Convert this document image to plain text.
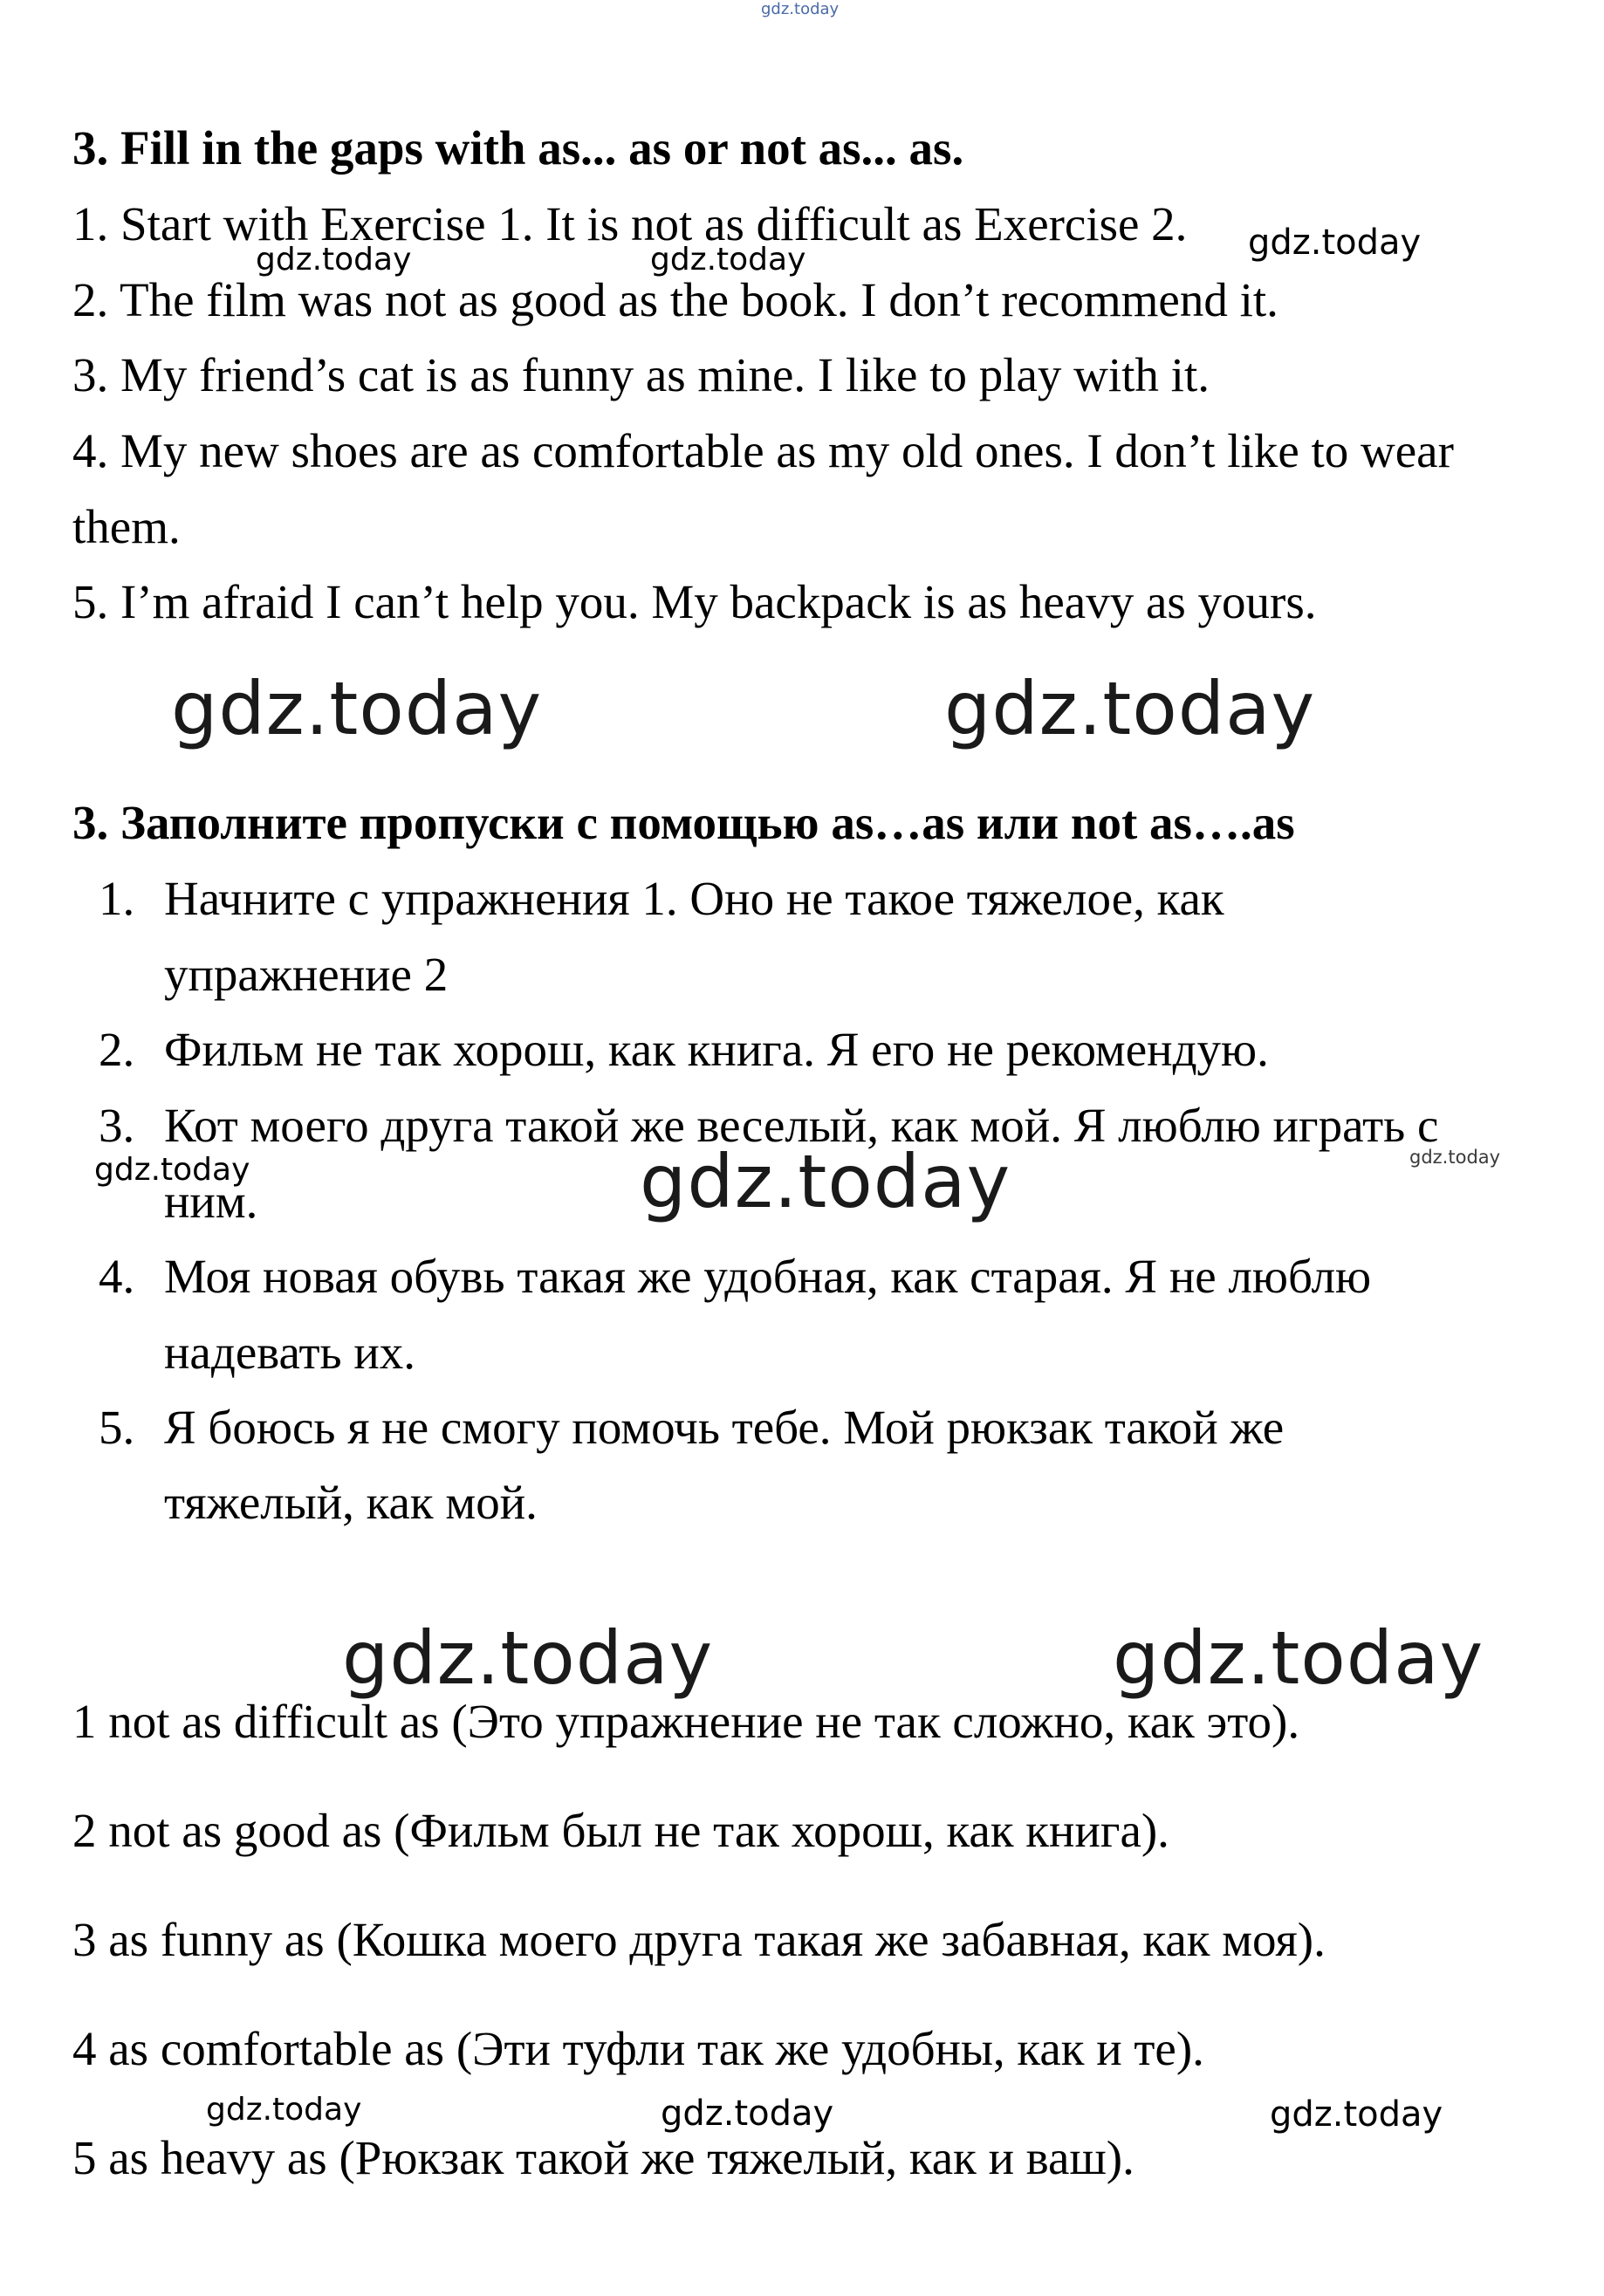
gdz.today
gdz.today
gdz.today	gdz.today
gdz.today	gdz.today
gdz.today	gdz.today
gdz.today
gdz.today	gdz.today
gdz.today	gdz.today	gdz.today
3. Fill in the gaps with as... as or not as... as.
1. Start with Exercise 1. It is not as difficult as Exercise 2.
2. The film was not as good as the book. I don’t recommend it.
3. My friend’s cat is as funny as mine. I like to play with it.
4. My new shoes are as comfortable as my old ones. I don’t like to wear
them.
5. I’m afraid I can’t help you. My backpack is as heavy as yours.
3. Заполните пропуски с помощью as…as или not as….as
1. Начните с упражнения 1. Оно не такое тяжелое, как
упражнение 2
2. Фильм не так хорош, как книга. Я его не рекомендую.
3. Кот моего друга такой же веселый, как мой. Я люблю играть с
ним.
4. Моя новая обувь такая же удобная, как старая. Я не люблю
надевать их.
5. Я боюсь я не смогу помочь тебе. Мой рюкзак такой же
тяжелый, как мой.
1 not as difficult as (Это упражнение не так сложно, как это).
2 not as good as (Фильм был не так хорош, как книга).
3 as funny as (Кошка моего друга такая же забавная, как моя).
4 as comfortable as (Эти туфли так же удобны, как и те).
5 as heavy as (Рюкзак такой же тяжелый, как и ваш).
